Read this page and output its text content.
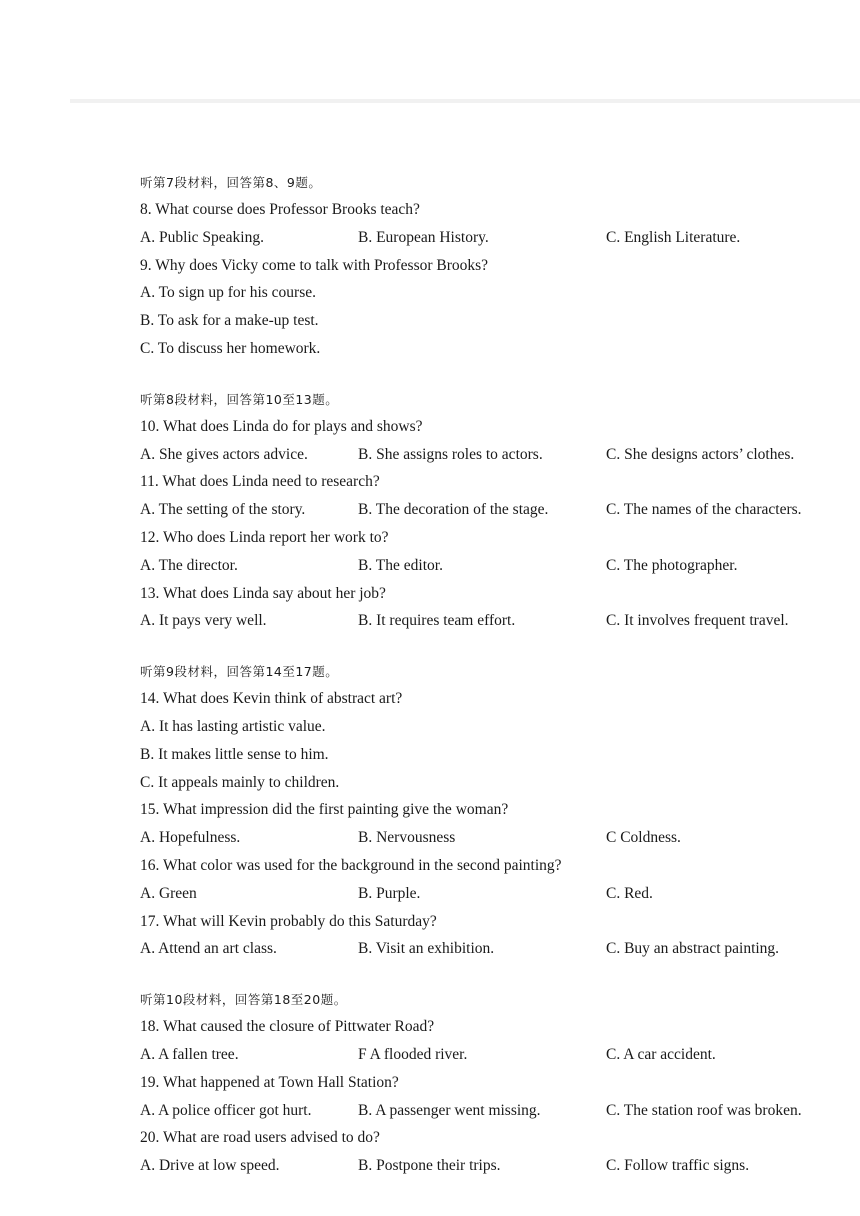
听第7段材料，回答第8、9题。
8. What course does Professor Brooks teach?
A. Public Speaking.	B. European History.	C. English Literature.
9. Why does Vicky come to talk with Professor Brooks?
A. To sign up for his course.
B. To ask for a make-up test.
C. To discuss her homework.
听第8段材料，回答第10至13题。
10. What does Linda do for plays and shows?
A. She gives actors advice.	B. She assigns roles to actors.	C. She designs actors’ clothes.
11. What does Linda need to research?
A. The setting of the story.	B. The decoration of the stage.	C. The names of the characters.
12. Who does Linda report her work to?
A. The director.	B. The editor.	C. The photographer.
13. What does Linda say about her job?
A. It pays very well.	B. It requires team effort.	C. It involves frequent travel.
听第9段材料，回答第14至17题。
14. What does Kevin think of abstract art?
A. It has lasting artistic value.
B. It makes little sense to him.
C. It appeals mainly to children.
15. What impression did the first painting give the woman?
A. Hopefulness.	B. Nervousness	C Coldness.
16. What color was used for the background in the second painting?
A. Green	B. Purple.	C. Red.
17. What will Kevin probably do this Saturday?
A. Attend an art class.	B. Visit an exhibition.	C. Buy an abstract painting.
听第10段材料，回答第18至20题。
18. What caused the closure of Pittwater Road?
A. A fallen tree.	F A flooded river.	C. A car accident.
19. What happened at Town Hall Station?
A. A police officer got hurt.	B. A passenger went missing.	C. The station roof was broken.
20. What are road users advised to do?
A. Drive at low speed.	B. Postpone their trips.	C. Follow traffic signs.
